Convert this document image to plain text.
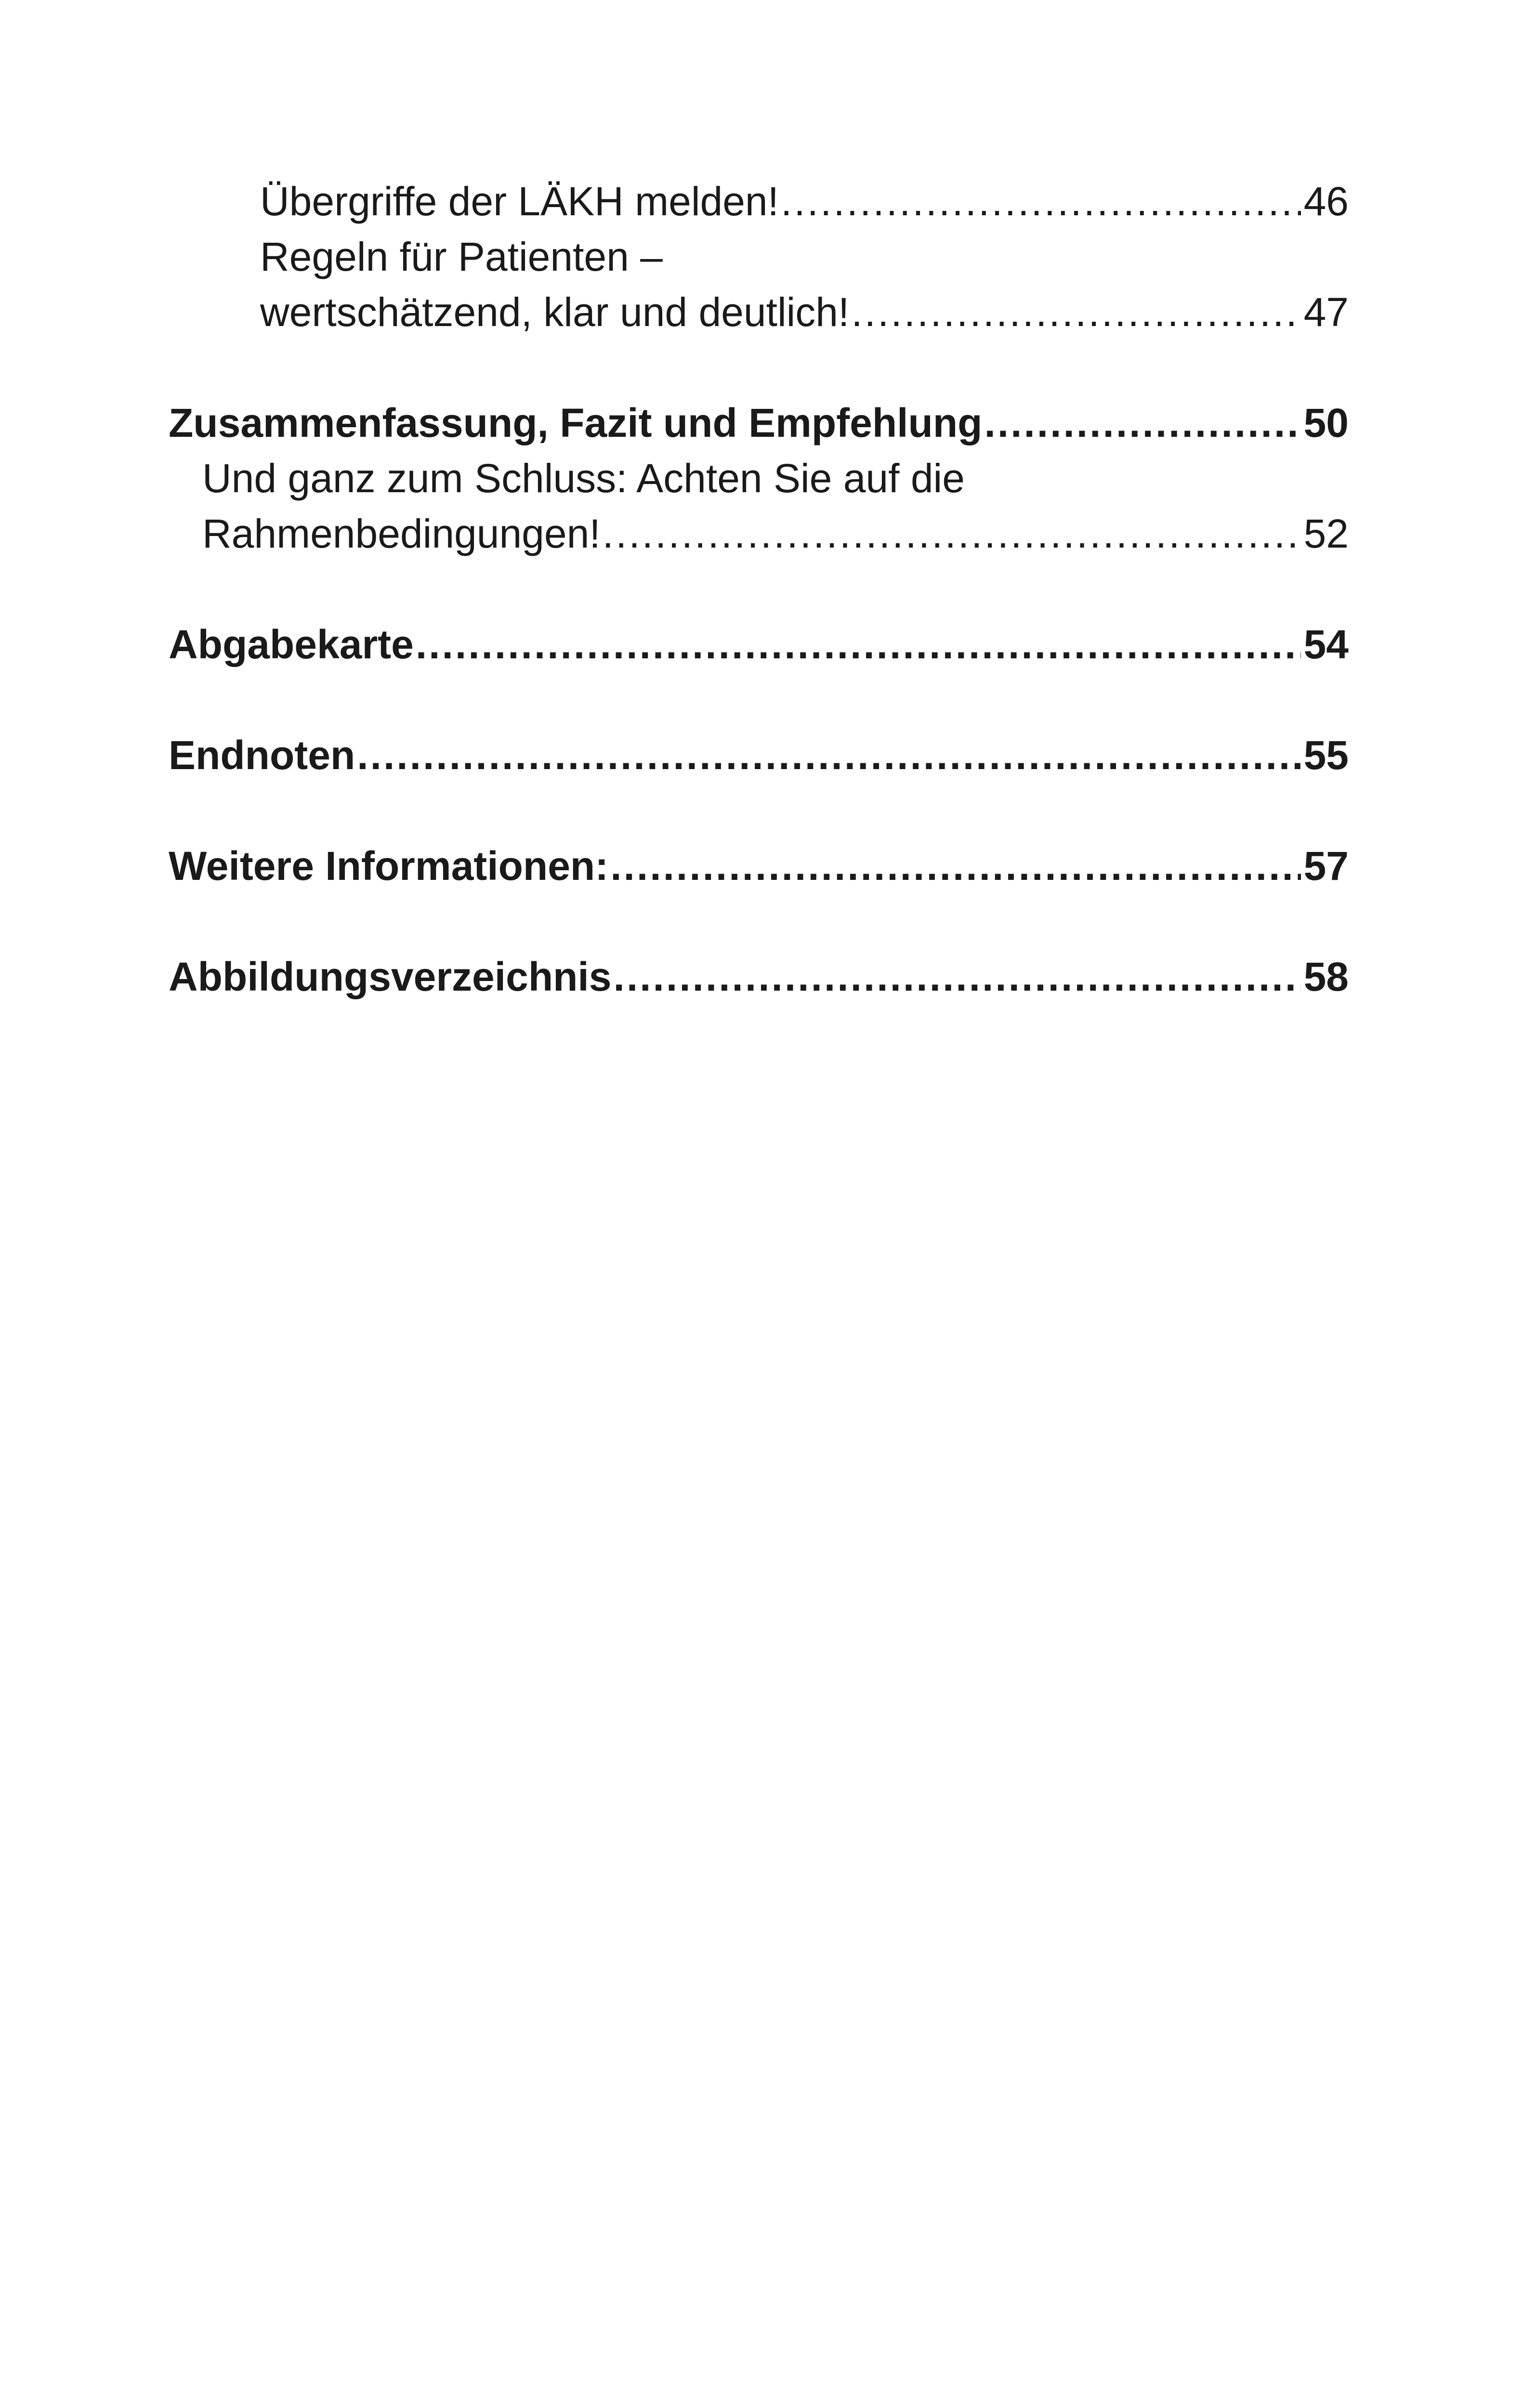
Übergriffe der LÄKH melden! .....	46
Regeln für Patienten –
wertschätzend, klar und deutlich! .....	47
Zusammenfassung, Fazit und Empfehlung .....	50
Und ganz zum Schluss: Achten Sie auf die
Rahmenbedingungen! .....	52
Abgabekarte .....	54
Endnoten .....	55
Weitere Informationen: .....	57
Abbildungsverzeichnis .....	58
